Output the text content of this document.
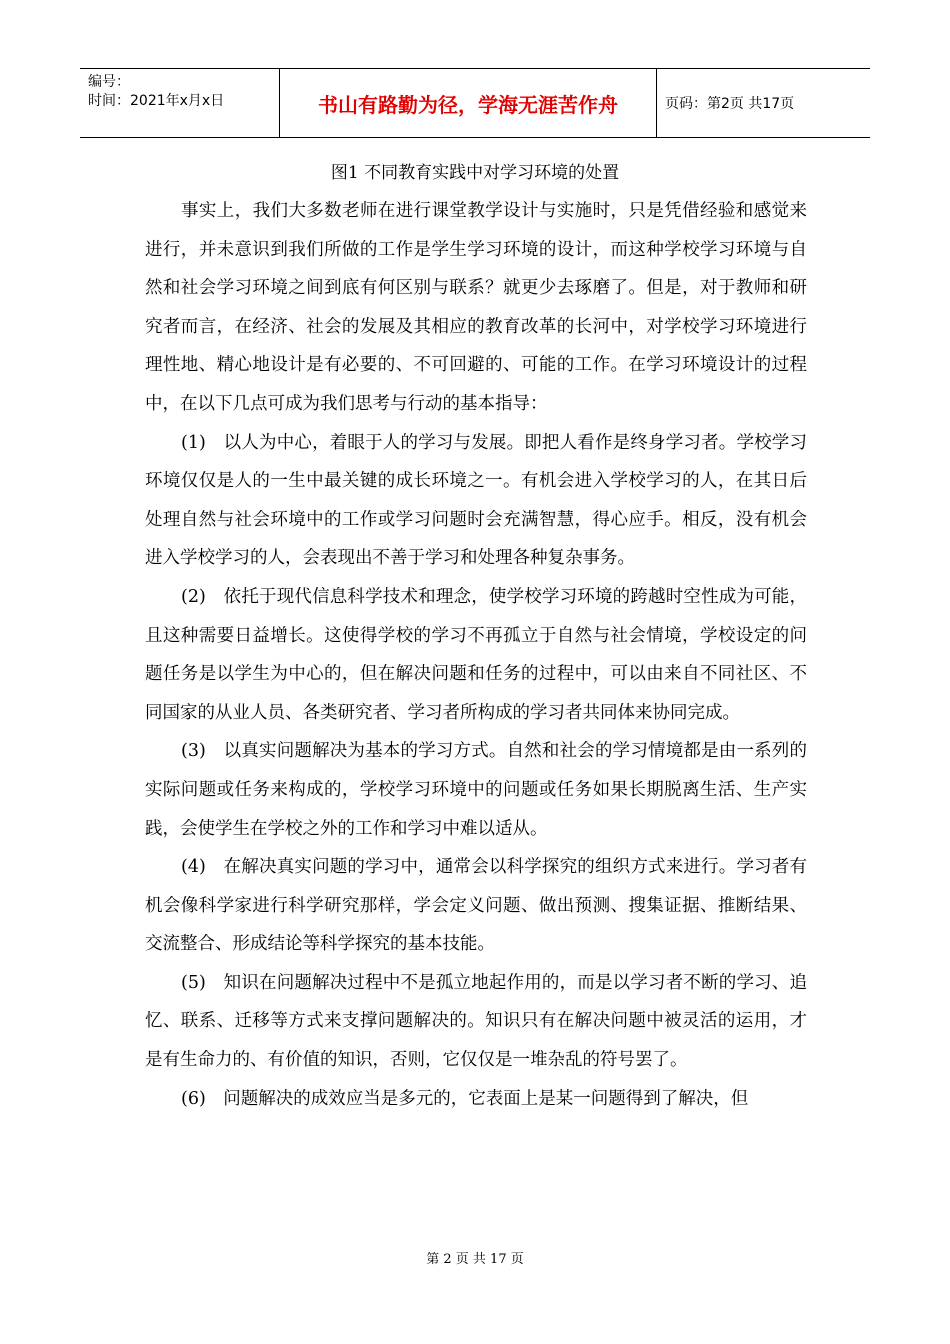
编号：
时间：2021年x月x日	书山有路勤为径，学海无涯苦作舟	页码：第2页 共17页
图1 不同教育实践中对学习环境的处置

事实上，我们大多数老师在进行课堂教学设计与实施时，只是凭借经验和感觉来进行，并未意识到我们所做的工作是学生学习环境的设计，而这种学校学习环境与自然和社会学习环境之间到底有何区别与联系？就更少去琢磨了。但是，对于教师和研究者而言，在经济、社会的发展及其相应的教育改革的长河中，对学校学习环境进行理性地、精心地设计是有必要的、不可回避的、可能的工作。在学习环境设计的过程中，在以下几点可成为我们思考与行动的基本指导：

(1)　以人为中心，着眼于人的学习与发展。即把人看作是终身学习者。学校学习环境仅仅是人的一生中最关键的成长环境之一。有机会进入学校学习的人，在其日后处理自然与社会环境中的工作或学习问题时会充满智慧，得心应手。相反，没有机会进入学校学习的人，会表现出不善于学习和处理各种复杂事务。

(2)　依托于现代信息科学技术和理念，使学校学习环境的跨越时空性成为可能，且这种需要日益增长。这使得学校的学习不再孤立于自然与社会情境，学校设定的问题任务是以学生为中心的，但在解决问题和任务的过程中，可以由来自不同社区、不同国家的从业人员、各类研究者、学习者所构成的学习者共同体来协同完成。

(3)　以真实问题解决为基本的学习方式。自然和社会的学习情境都是由一系列的实际问题或任务来构成的，学校学习环境中的问题或任务如果长期脱离生活、生产实践，会使学生在学校之外的工作和学习中难以适从。

(4)　在解决真实问题的学习中，通常会以科学探究的组织方式来进行。学习者有机会像科学家进行科学研究那样，学会定义问题、做出预测、搜集证据、推断结果、交流整合、形成结论等科学探究的基本技能。

(5)　知识在问题解决过程中不是孤立地起作用的，而是以学习者不断的学习、追忆、联系、迁移等方式来支撑问题解决的。知识只有在解决问题中被灵活的运用，才是有生命力的、有价值的知识，否则，它仅仅是一堆杂乱的符号罢了。

(6)　问题解决的成效应当是多元的，它表面上是某一问题得到了解决，但

第 2 页 共 17 页
